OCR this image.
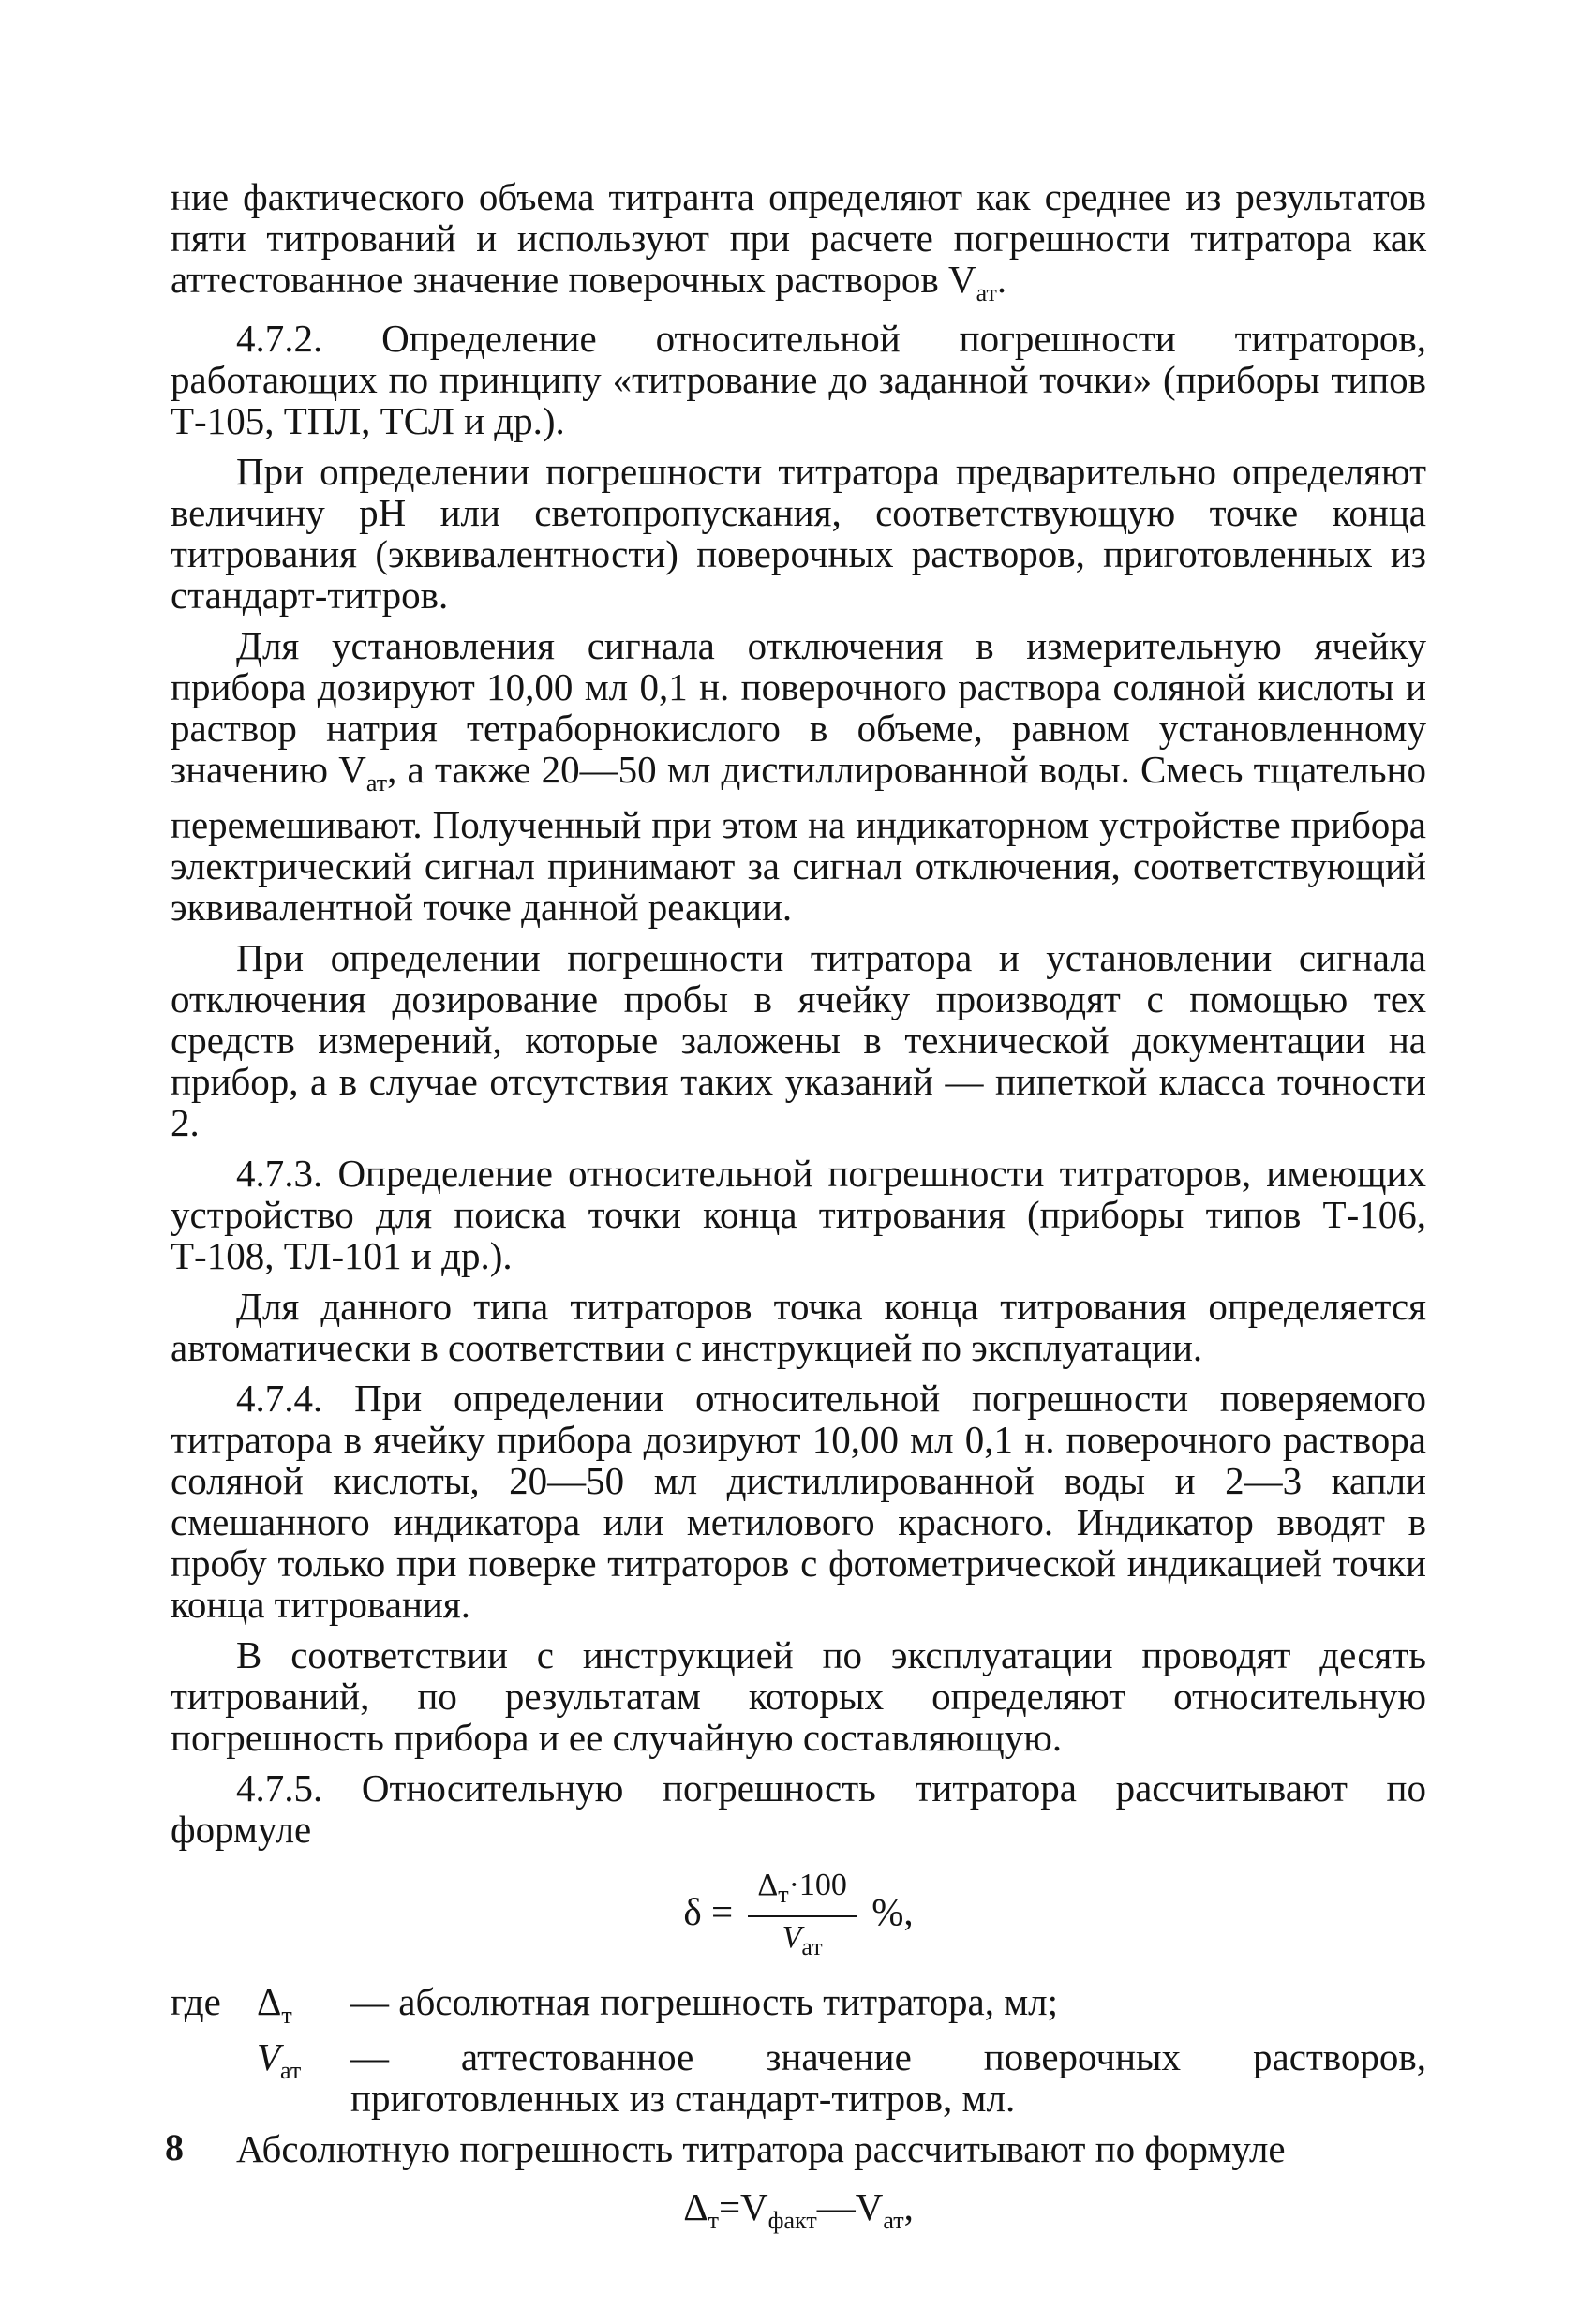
ние фактического объема титранта определяют как среднее из результатов пяти титрований и используют при расчете погрешности титратора как аттестованное значение поверочных растворов $V_{ат}$.

4.7.2. Определение относительной погрешности титраторов, работающих по принципу «титрование до заданной точки» (приборы типов Т-105, ТПЛ, ТСЛ и др.).

При определении погрешности титратора предварительно определяют величину pH или светопропускания, соответствующую точке конца титрования (эквивалентности) поверочных растворов, приготовленных из стандарт-титров.

Для установления сигнала отключения в измерительную ячейку прибора дозируют 10,00 мл 0,1 н. поверочного раствора соляной кислоты и раствор натрия тетраборнокислого в объеме, равном установленному значению $V_{ат}$, а также 20—50 мл дистиллированной воды. Смесь тщательно перемешивают. Полученный при этом на индикаторном устройстве прибора электрический сигнал принимают за сигнал отключения, соответствующий эквивалентной точке данной реакции.

При определении погрешности титратора и установлении сигнала отключения дозирование пробы в ячейку производят с помощью тех средств измерений, которые заложены в технической документации на прибор, а в случае отсутствия таких указаний — пипеткой класса точности 2.

4.7.3. Определение относительной погрешности титраторов, имеющих устройство для поиска точки конца титрования (приборы типов Т-106, Т-108, ТЛ-101 и др.).

Для данного типа титраторов точка конца титрования определяется автоматически в соответствии с инструкцией по эксплуатации.

4.7.4. При определении относительной погрешности поверяемого титратора в ячейку прибора дозируют 10,00 мл 0,1 н. поверочного раствора соляной кислоты, 20—50 мл дистиллированной воды и 2—3 капли смешанного индикатора или метилового красного. Индикатор вводят в пробу только при поверке титраторов с фотометрической индикацией точки конца титрования.

В соответствии с инструкцией по эксплуатации проводят десять титрований, по результатам которых определяют относительную погрешность прибора и ее случайную составляющую.

4.7.5. Относительную погрешность титратора рассчитывают по формуле

$\delta = \frac{\Delta_т\cdot 100}{V_{ат}}$ %,
где $\Delta_т$	— абсолютная погрешность титратора, мл;
$V_{ат}$	— аттестованное значение поверочных растворов, приготовленных из стандарт-титров, мл.

Абсолютную погрешность титратора рассчитывают по формуле

$\Delta_т=V_{факт}—V_{ат}$,
8
